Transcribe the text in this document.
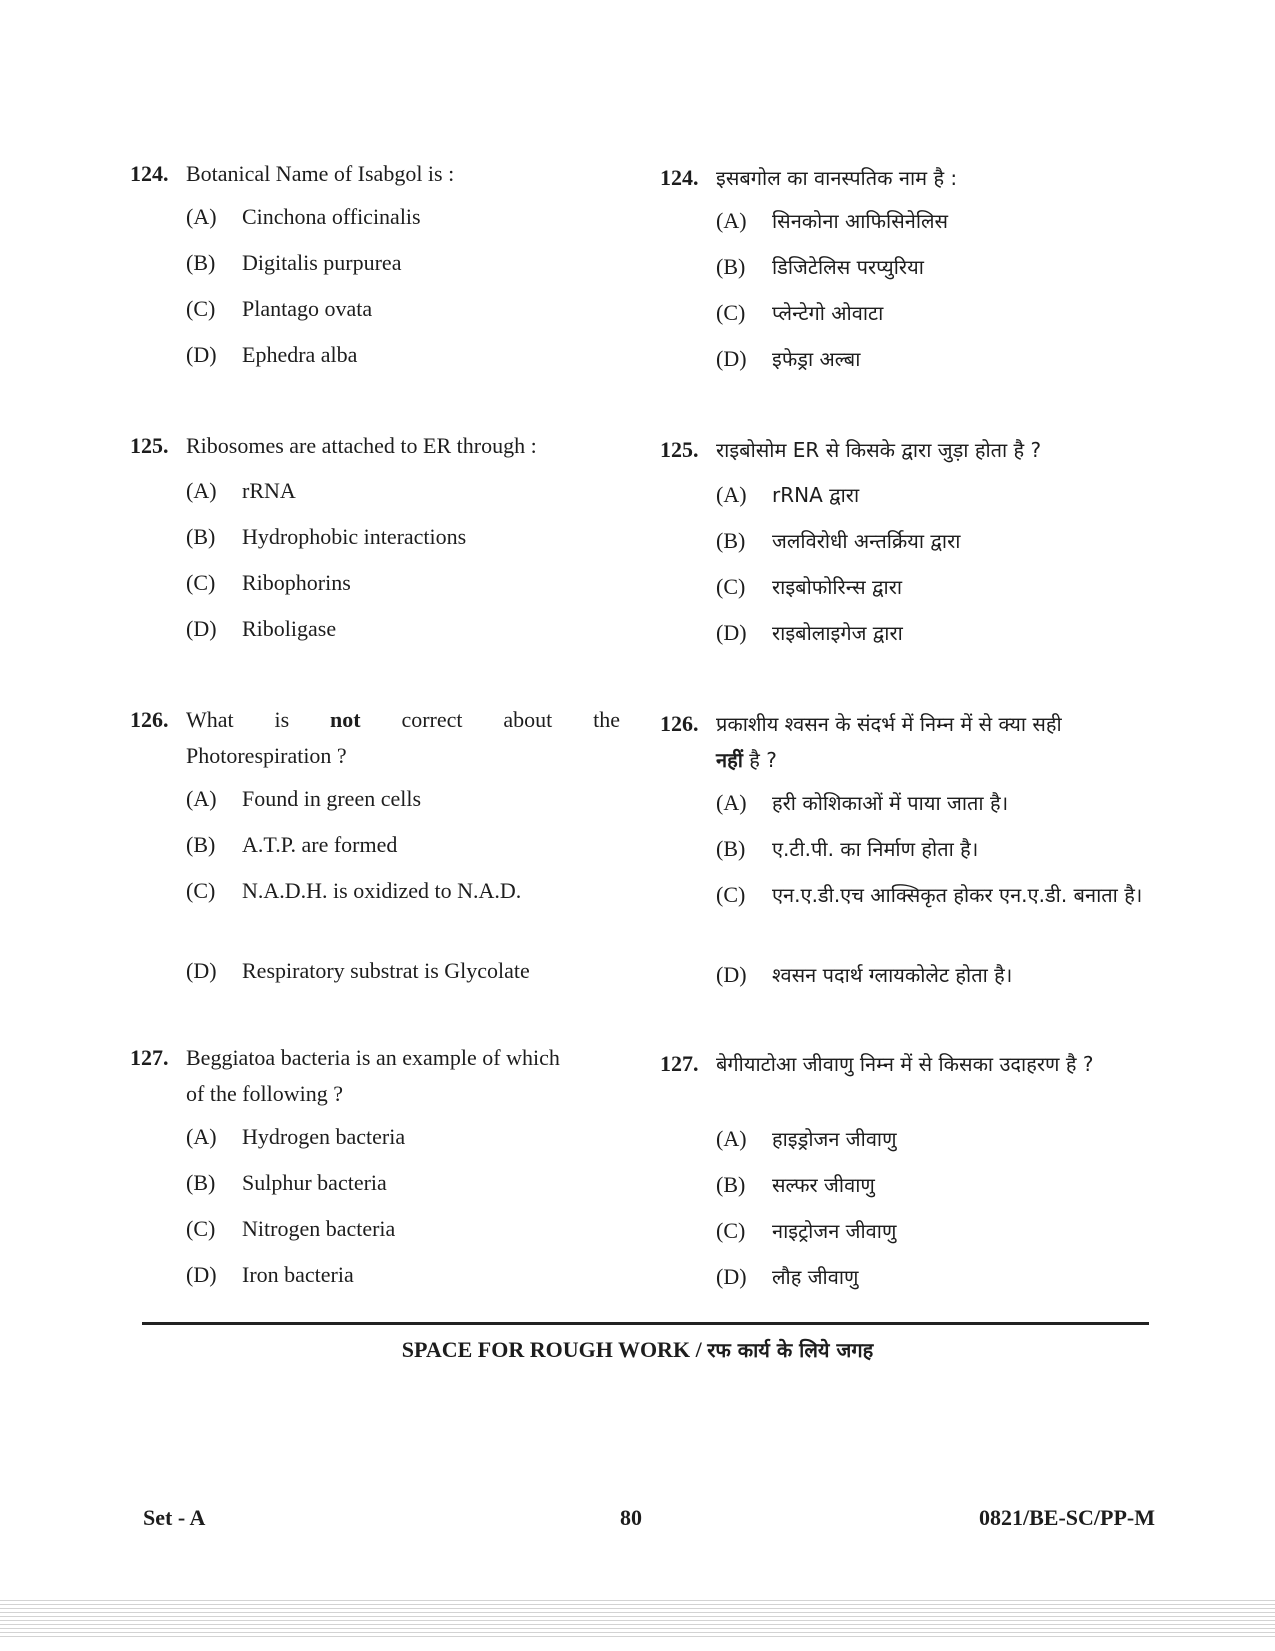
124. Botanical Name of Isabgol is :
(A) Cinchona officinalis
(B) Digitalis purpurea
(C) Plantago ovata
(D) Ephedra alba
125. Ribosomes are attached to ER through :
(A) rRNA
(B) Hydrophobic interactions
(C) Ribophorins
(D) Riboligase
126. What is not correct about the
Photorespiration ?
(A) Found in green cells
(B) A.T.P. are formed
(C) N.A.D.H. is oxidized to N.A.D.
(D) Respiratory substrat is Glycolate
127. Beggiatoa bacteria is an example of which
of the following ?
(A) Hydrogen bacteria
(B) Sulphur bacteria
(C) Nitrogen bacteria
(D) Iron bacteria
124. इसबगोल का वानस्पतिक नाम है :
(A) सिनकोना आफिसिनेलिस
(B) डिजिटेलिस परप्युरिया
(C) प्लेन्टेगो ओवाटा
(D) इफेड्रा अल्बा
125. राइबोसोम ER से किसके द्वारा जुड़ा होता है ?
(A) rRNA द्वारा
(B) जलविरोधी अन्तर्क्रिया द्वारा
(C) राइबोफोरिन्स द्वारा
(D) राइबोलाइगेज द्वारा
126. प्रकाशीय श्वसन के संदर्भ में निम्न में से क्या सही
नहीं है ?
(A) हरी कोशिकाओं में पाया जाता है।
(B) ए.टी.पी. का निर्माण होता है।
(C) एन.ए.डी.एच आक्सिकृत होकर एन.ए.डी. बनाता है।
(D) श्वसन पदार्थ ग्लायकोलेट होता है।
127. बेगीयाटोआ जीवाणु निम्न में से किसका उदाहरण है ?
(A) हाइड्रोजन जीवाणु
(B) सल्फर जीवाणु
(C) नाइट्रोजन जीवाणु
(D) लौह जीवाणु
SPACE FOR ROUGH WORK / रफ कार्य के लिये जगह
Set - A	80	0821/BE-SC/PP-M
